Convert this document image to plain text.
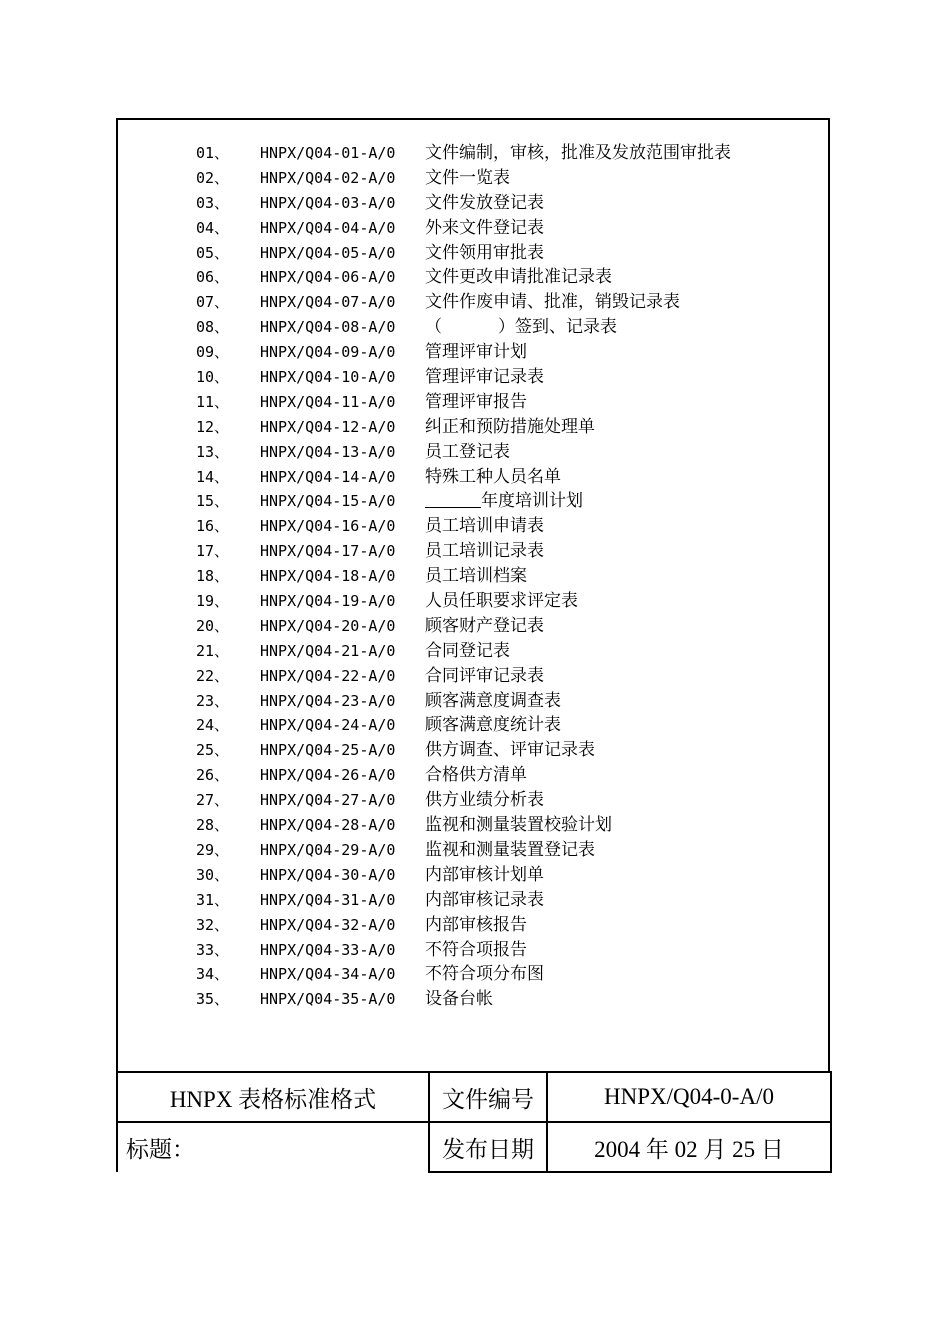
01、 HNPX/Q04-01-A/0 文件编制，审核，批准及发放范围审批表
02、 HNPX/Q04-02-A/0 文件一览表
03、 HNPX/Q04-03-A/0 文件发放登记表
04、 HNPX/Q04-04-A/0 外来文件登记表
05、 HNPX/Q04-05-A/0 文件领用审批表
06、 HNPX/Q04-06-A/0 文件更改申请批准记录表
07、 HNPX/Q04-07-A/0 文件作废申请、批准，销毁记录表
08、 HNPX/Q04-08-A/0 （	）签到、记录表
09、 HNPX/Q04-09-A/0 管理评审计划
10、 HNPX/Q04-10-A/0 管理评审记录表
11、 HNPX/Q04-11-A/0 管理评审报告
12、 HNPX/Q04-12-A/0 纠正和预防措施处理单
13、 HNPX/Q04-13-A/0 员工登记表
14、 HNPX/Q04-14-A/0 特殊工种人员名单
15、 HNPX/Q04-15-A/0	年度培训计划
16、 HNPX/Q04-16-A/0 员工培训申请表
17、 HNPX/Q04-17-A/0 员工培训记录表
18、 HNPX/Q04-18-A/0 员工培训档案
19、 HNPX/Q04-19-A/0 人员任职要求评定表
20、 HNPX/Q04-20-A/0 顾客财产登记表
21、 HNPX/Q04-21-A/0 合同登记表
22、 HNPX/Q04-22-A/0 合同评审记录表
23、 HNPX/Q04-23-A/0 顾客满意度调查表
24、 HNPX/Q04-24-A/0 顾客满意度统计表
25、 HNPX/Q04-25-A/0 供方调查、评审记录表
26、 HNPX/Q04-26-A/0 合格供方清单
27、 HNPX/Q04-27-A/0 供方业绩分析表
28、 HNPX/Q04-28-A/0 监视和测量装置校验计划
29、 HNPX/Q04-29-A/0 监视和测量装置登记表
30、 HNPX/Q04-30-A/0 内部审核计划单
31、 HNPX/Q04-31-A/0 内部审核记录表
32、 HNPX/Q04-32-A/0 内部审核报告
33、 HNPX/Q04-33-A/0 不符合项报告
34、 HNPX/Q04-34-A/0 不符合项分布图
35、 HNPX/Q04-35-A/0 设备台帐
HNPX 表格标准格式	文件编号	HNPX/Q04-0-A/0
标题：	发布日期	2004 年 02 月 25 日
